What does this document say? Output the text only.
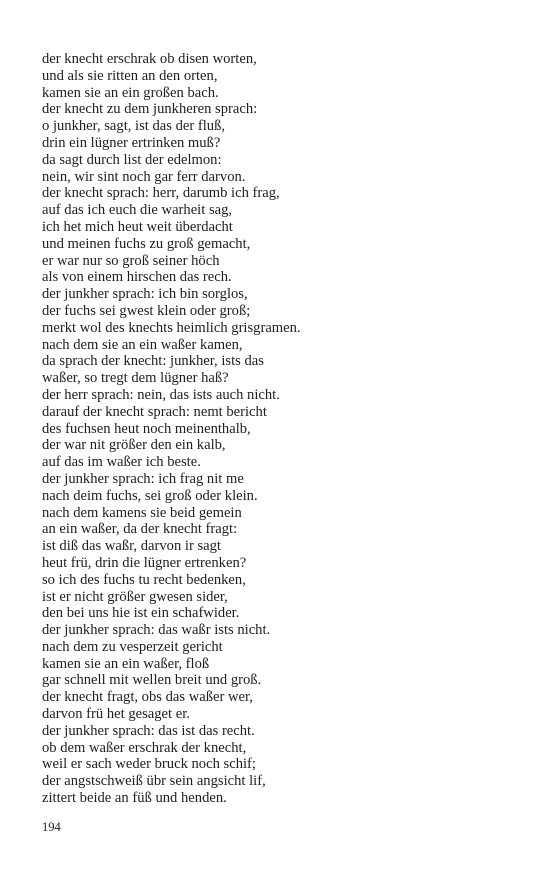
der knecht erschrak ob disen worten,
und als sie ritten an den orten,
kamen sie an ein großen bach.
der knecht zu dem junkheren sprach:
o junkher, sagt, ist das der fluß,
drin ein lügner ertrinken muß?
da sagt durch list der edelmon:
nein, wir sint noch gar ferr darvon.
der knecht sprach: herr, darumb ich frag,
auf das ich euch die warheit sag,
ich het mich heut weit überdacht
und meinen fuchs zu groß gemacht,
er war nur so groß seiner höch
als von einem hirschen das rech.
der junkher sprach: ich bin sorglos,
der fuchs sei gwest klein oder groß;
merkt wol des knechts heimlich grisgramen.
nach dem sie an ein waßer kamen,
da sprach der knecht: junkher, ists das
waßer, so tregt dem lügner haß?
der herr sprach: nein, das ists auch nicht.
darauf der knecht sprach: nemt bericht
des fuchsen heut noch meinenthalb,
der war nit größer den ein kalb,
auf das im waßer ich beste.
der junkher sprach: ich frag nit me
nach deim fuchs, sei groß oder klein.
nach dem kamens sie beid gemein
an ein waßer, da der knecht fragt:
ist diß das waßr, darvon ir sagt
heut frü, drin die lügner ertrenken?
so ich des fuchs tu recht bedenken,
ist er nicht größer gwesen sider,
den bei uns hie ist ein schafwider.
der junkher sprach: das waßr ists nicht.
nach dem zu vesperzeit gericht
kamen sie an ein waßer, floß
gar schnell mit wellen breit und groß.
der knecht fragt, obs das waßer wer,
darvon frü het gesaget er.
der junkher sprach: das ist das recht.
ob dem waßer erschrak der knecht,
weil er sach weder bruck noch schif;
der angstschweiß übr sein angsicht lif,
zittert beide an füß und henden.
194
